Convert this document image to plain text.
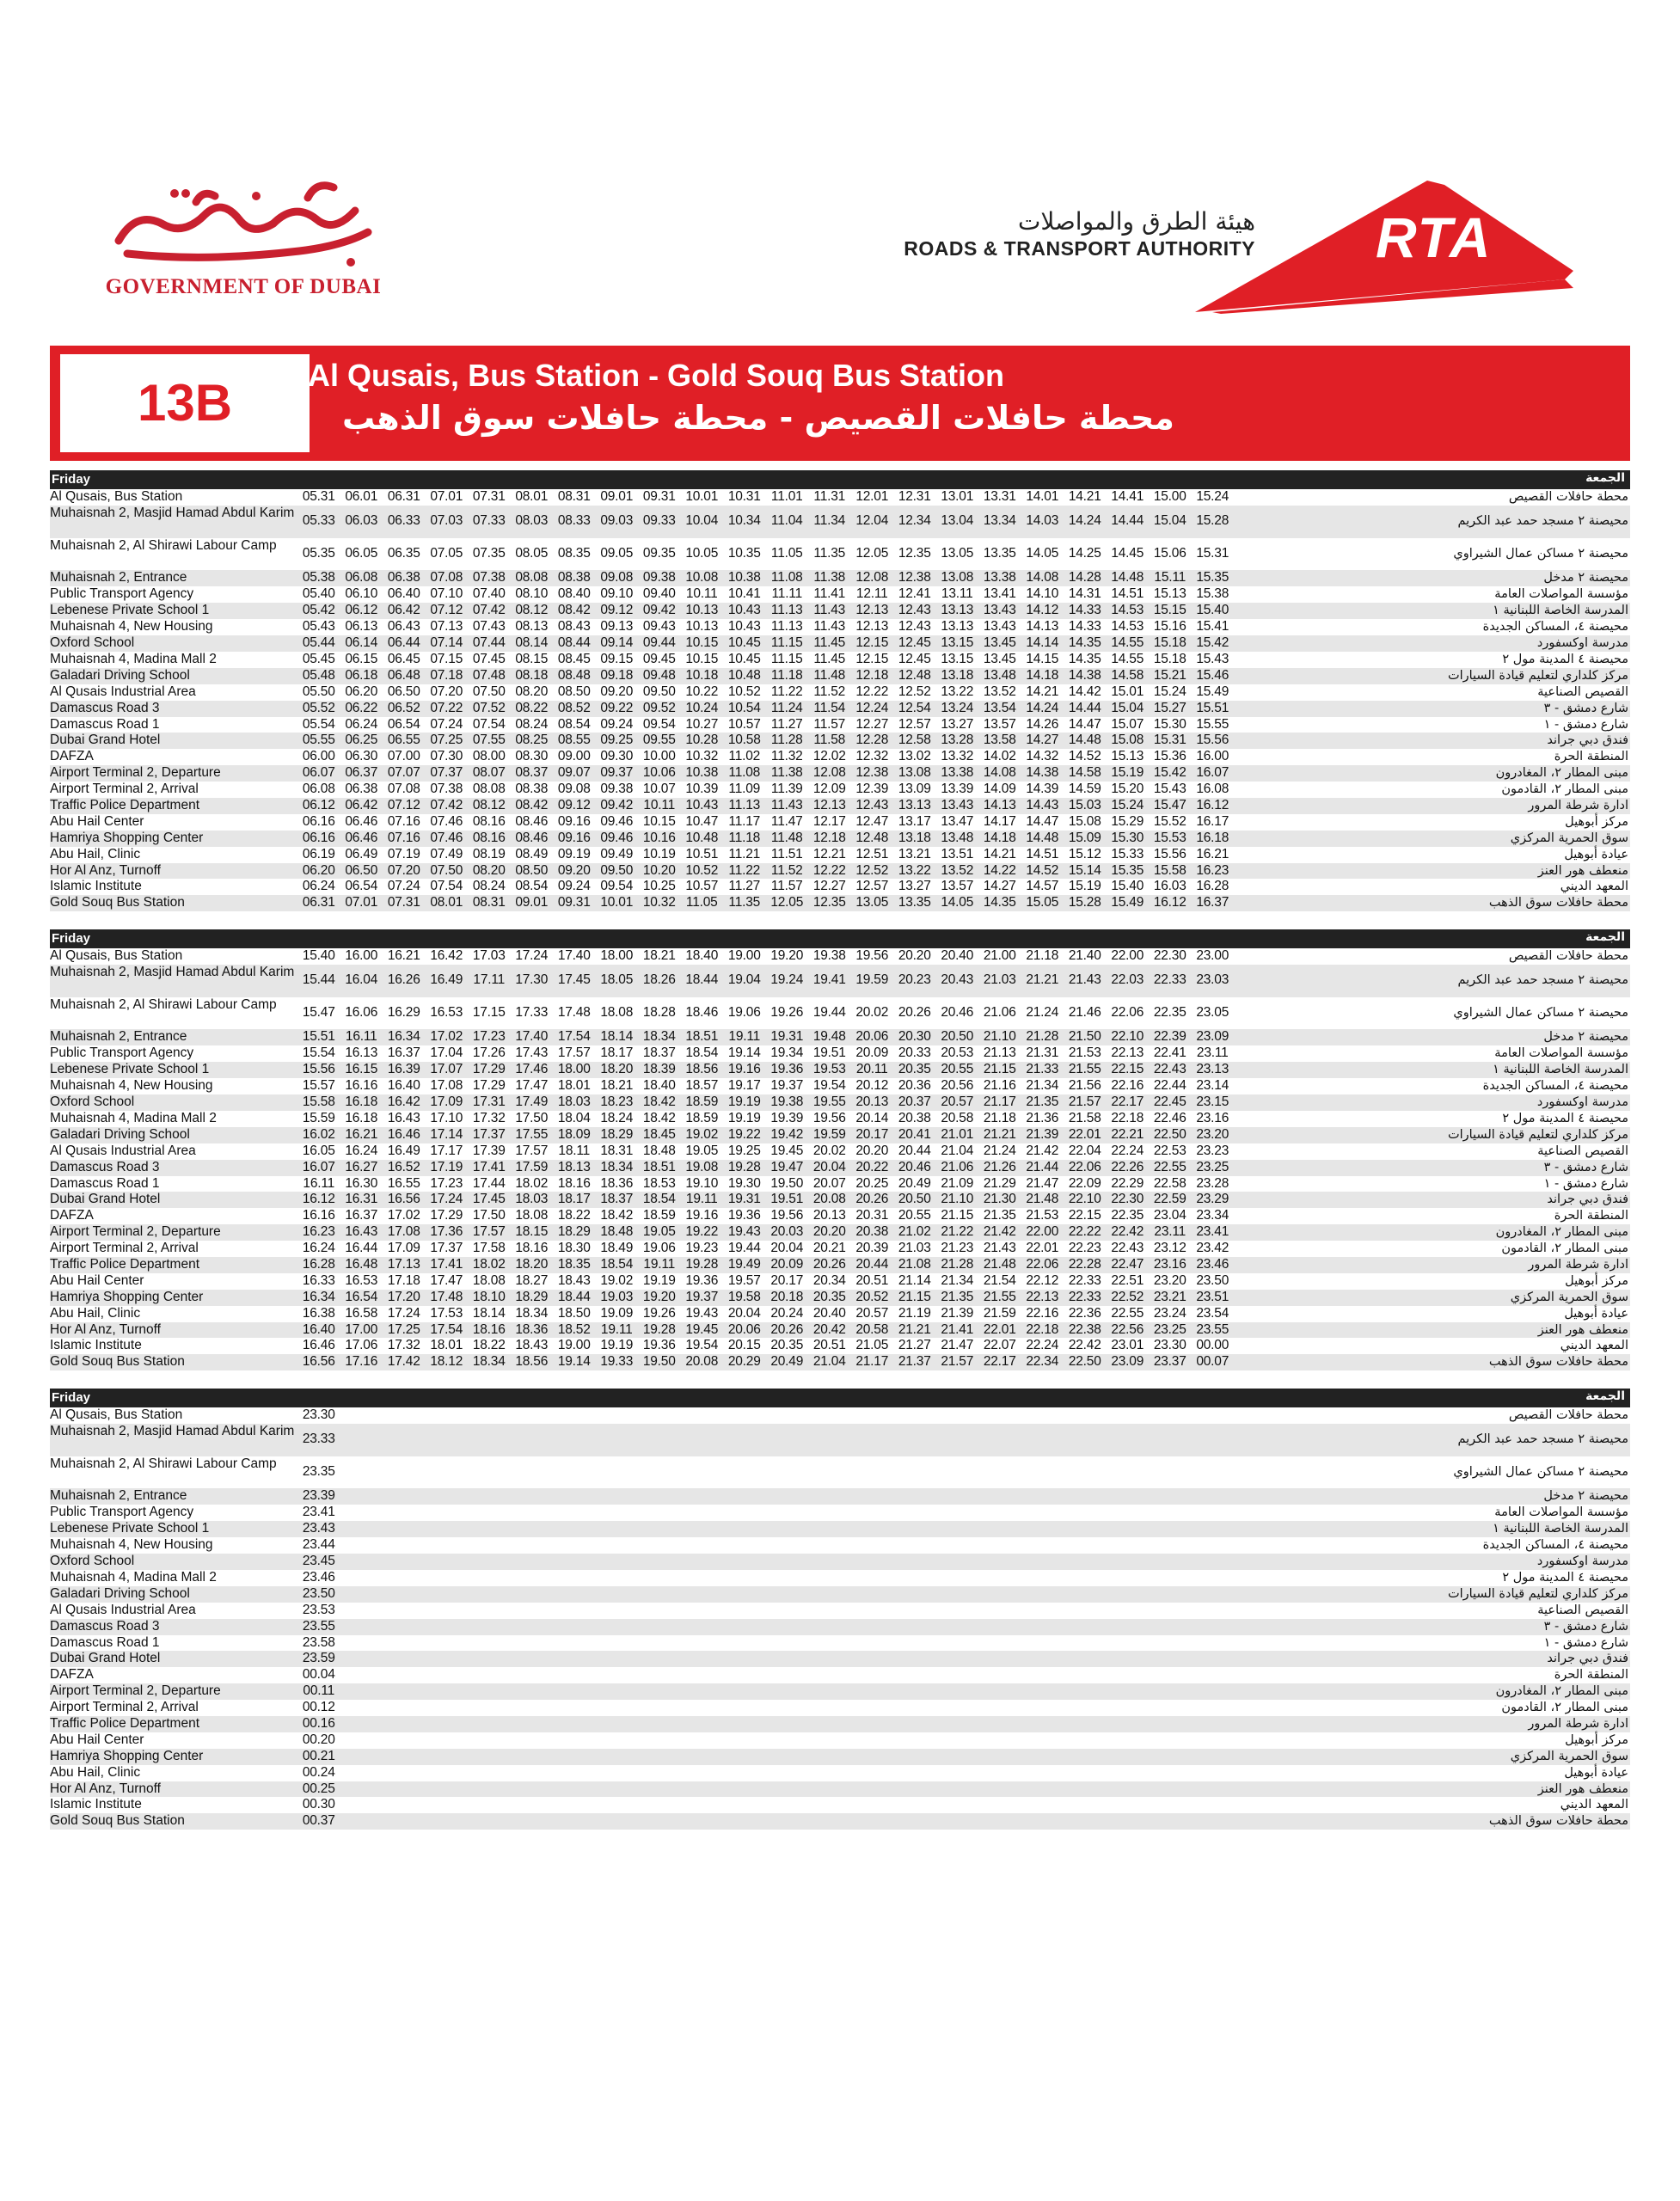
GOVERNMENT OF DUBAI
هيئة الطرق والمواصلات
ROADS & TRANSPORT AUTHORITY RTA
13B	Al Qusais, Bus Station - Gold Souq Bus Station
محطة حافلات القصيص - محطة حافلات سوق الذهب
Friday	الجمعة
Al Qusais, Bus Station	05.31 06.01 06.31 07.01 07.31 08.01 08.31 09.01 09.31 10.01 10.31 11.01 11.31 12.01 12.31 13.01 13.31 14.01 14.21 14.41 15.00 15.24	محطة حافلات القصيص
Muhaisnah 2, Masjid Hamad Abdul Karim
05.33 06.03 06.33 07.03 07.33 08.03 08.33 09.03 09.33 10.04 10.34 11.04 11.34 12.04 12.34 13.04 13.34 14.03 14.24 14.44 15.04 15.28	محيصنة ٢ مسجد حمد عبد الكريم
Muhaisnah 2, Al Shirawi Labour Camp
05.35 06.05 06.35 07.05 07.35 08.05 08.35 09.05 09.35 10.05 10.35 11.05 11.35 12.05 12.35 13.05 13.35 14.05 14.25 14.45 15.06 15.31	محيصنة ٢ مساكن عمال الشيراوي
Muhaisnah 2, Entrance	05.38 06.08 06.38 07.08 07.38 08.08 08.38 09.08 09.38 10.08 10.38 11.08 11.38 12.08 12.38 13.08 13.38 14.08 14.28 14.48 15.11 15.35	محيصنة ٢ مدخل
Public Transport Agency	05.40 06.10 06.40 07.10 07.40 08.10 08.40 09.10 09.40 10.11 10.41 11.11 11.41 12.11 12.41 13.11 13.41 14.10 14.31 14.51 15.13 15.38	مؤسسة المواصلات العامة
Lebenese Private School 1	05.42 06.12 06.42 07.12 07.42 08.12 08.42 09.12 09.42 10.13 10.43 11.13 11.43 12.13 12.43 13.13 13.43 14.12 14.33 14.53 15.15 15.40	المدرسة الخاصة اللبنانية ١
Muhaisnah 4, New Housing	05.43 06.13 06.43 07.13 07.43 08.13 08.43 09.13 09.43 10.13 10.43 11.13 11.43 12.13 12.43 13.13 13.43 14.13 14.33 14.53 15.16 15.41	محيصنة ٤، المساكن الجديدة
Oxford School	05.44 06.14 06.44 07.14 07.44 08.14 08.44 09.14 09.44 10.15 10.45 11.15 11.45 12.15 12.45 13.15 13.45 14.14 14.35 14.55 15.18 15.42	مدرسة اوكسفورد
Muhaisnah 4, Madina Mall 2	05.45 06.15 06.45 07.15 07.45 08.15 08.45 09.15 09.45 10.15 10.45 11.15 11.45 12.15 12.45 13.15 13.45 14.15 14.35 14.55 15.18 15.43	محيصنة ٤ المدينة مول ٢
Galadari Driving School	05.48 06.18 06.48 07.18 07.48 08.18 08.48 09.18 09.48 10.18 10.48 11.18 11.48 12.18 12.48 13.18 13.48 14.18 14.38 14.58 15.21 15.46	مركز كلداري لتعليم قيادة السيارات
Al Qusais Industrial Area	05.50 06.20 06.50 07.20 07.50 08.20 08.50 09.20 09.50 10.22 10.52 11.22 11.52 12.22 12.52 13.22 13.52 14.21 14.42 15.01 15.24 15.49	القصيص الصناعية
Damascus Road 3	05.52 06.22 06.52 07.22 07.52 08.22 08.52 09.22 09.52 10.24 10.54 11.24 11.54 12.24 12.54 13.24 13.54 14.24 14.44 15.04 15.27 15.51	شارع دمشق - ٣
Damascus Road 1	05.54 06.24 06.54 07.24 07.54 08.24 08.54 09.24 09.54 10.27 10.57 11.27 11.57 12.27 12.57 13.27 13.57 14.26 14.47 15.07 15.30 15.55	شارع دمشق - ١
Dubai Grand Hotel	05.55 06.25 06.55 07.25 07.55 08.25 08.55 09.25 09.55 10.28 10.58 11.28 11.58 12.28 12.58 13.28 13.58 14.27 14.48 15.08 15.31 15.56	فندق دبي جراند
DAFZA	06.00 06.30 07.00 07.30 08.00 08.30 09.00 09.30 10.00 10.32 11.02 11.32 12.02 12.32 13.02 13.32 14.02 14.32 14.52 15.13 15.36 16.00	المنطقة الحرة
Airport Terminal 2, Departure	06.07 06.37 07.07 07.37 08.07 08.37 09.07 09.37 10.06 10.38 11.08 11.38 12.08 12.38 13.08 13.38 14.08 14.38 14.58 15.19 15.42 16.07	مبنى المطار ٢، المغادرون
Airport Terminal 2, Arrival	06.08 06.38 07.08 07.38 08.08 08.38 09.08 09.38 10.07 10.39 11.09 11.39 12.09 12.39 13.09 13.39 14.09 14.39 14.59 15.20 15.43 16.08	مبنى المطار ٢، القادمون
Traffic Police Department	06.12 06.42 07.12 07.42 08.12 08.42 09.12 09.42 10.11 10.43 11.13 11.43 12.13 12.43 13.13 13.43 14.13 14.43 15.03 15.24 15.47 16.12	ادارة شرطة المرور
Abu Hail Center	06.16 06.46 07.16 07.46 08.16 08.46 09.16 09.46 10.15 10.47 11.17 11.47 12.17 12.47 13.17 13.47 14.17 14.47 15.08 15.29 15.52 16.17	مركز أبوهيل
Hamriya Shopping Center	06.16 06.46 07.16 07.46 08.16 08.46 09.16 09.46 10.16 10.48 11.18 11.48 12.18 12.48 13.18 13.48 14.18 14.48 15.09 15.30 15.53 16.18	سوق الحمرية المركزي
Abu Hail, Clinic	06.19 06.49 07.19 07.49 08.19 08.49 09.19 09.49 10.19 10.51 11.21 11.51 12.21 12.51 13.21 13.51 14.21 14.51 15.12 15.33 15.56 16.21	عيادة أبوهيل
Hor Al Anz, Turnoff	06.20 06.50 07.20 07.50 08.20 08.50 09.20 09.50 10.20 10.52 11.22 11.52 12.22 12.52 13.22 13.52 14.22 14.52 15.14 15.35 15.58 16.23	منعطف هور العنز
Islamic Institute	06.24 06.54 07.24 07.54 08.24 08.54 09.24 09.54 10.25 10.57 11.27 11.57 12.27 12.57 13.27 13.57 14.27 14.57 15.19 15.40 16.03 16.28	المعهد الديني
Gold Souq Bus Station	06.31 07.01 07.31 08.01 08.31 09.01 09.31 10.01 10.32 11.05 11.35 12.05 12.35 13.05 13.35 14.05 14.35 15.05 15.28 15.49 16.12 16.37	محطة حافلات سوق الذهب
Friday	الجمعة
Al Qusais, Bus Station	15.40 16.00 16.21 16.42 17.03 17.24 17.40 18.00 18.21 18.40 19.00 19.20 19.38 19.56 20.20 20.40 21.00 21.18 21.40 22.00 22.30 23.00	محطة حافلات القصيص
Muhaisnah 2, Masjid Hamad Abdul Karim
15.44 16.04 16.26 16.49 17.11 17.30 17.45 18.05 18.26 18.44 19.04 19.24 19.41 19.59 20.23 20.43 21.03 21.21 21.43 22.03 22.33 23.03	محيصنة ٢ مسجد حمد عبد الكريم
Muhaisnah 2, Al Shirawi Labour Camp
15.47 16.06 16.29 16.53 17.15 17.33 17.48 18.08 18.28 18.46 19.06 19.26 19.44 20.02 20.26 20.46 21.06 21.24 21.46 22.06 22.35 23.05	محيصنة ٢ مساكن عمال الشيراوي
Muhaisnah 2, Entrance	15.51 16.11 16.34 17.02 17.23 17.40 17.54 18.14 18.34 18.51 19.11 19.31 19.48 20.06 20.30 20.50 21.10 21.28 21.50 22.10 22.39 23.09	محيصنة ٢ مدخل
Public Transport Agency	15.54 16.13 16.37 17.04 17.26 17.43 17.57 18.17 18.37 18.54 19.14 19.34 19.51 20.09 20.33 20.53 21.13 21.31 21.53 22.13 22.41 23.11	مؤسسة المواصلات العامة
Lebenese Private School 1	15.56 16.15 16.39 17.07 17.29 17.46 18.00 18.20 18.39 18.56 19.16 19.36 19.53 20.11 20.35 20.55 21.15 21.33 21.55 22.15 22.43 23.13	المدرسة الخاصة اللبنانية ١
Muhaisnah 4, New Housing	15.57 16.16 16.40 17.08 17.29 17.47 18.01 18.21 18.40 18.57 19.17 19.37 19.54 20.12 20.36 20.56 21.16 21.34 21.56 22.16 22.44 23.14	محيصنة ٤، المساكن الجديدة
Oxford School	15.58 16.18 16.42 17.09 17.31 17.49 18.03 18.23 18.42 18.59 19.19 19.38 19.55 20.13 20.37 20.57 21.17 21.35 21.57 22.17 22.45 23.15	مدرسة اوكسفورد
Muhaisnah 4, Madina Mall 2	15.59 16.18 16.43 17.10 17.32 17.50 18.04 18.24 18.42 18.59 19.19 19.39 19.56 20.14 20.38 20.58 21.18 21.36 21.58 22.18 22.46 23.16	محيصنة ٤ المدينة مول ٢
Galadari Driving School	16.02 16.21 16.46 17.14 17.37 17.55 18.09 18.29 18.45 19.02 19.22 19.42 19.59 20.17 20.41 21.01 21.21 21.39 22.01 22.21 22.50 23.20	مركز كلداري لتعليم قيادة السيارات
Al Qusais Industrial Area	16.05 16.24 16.49 17.17 17.39 17.57 18.11 18.31 18.48 19.05 19.25 19.45 20.02 20.20 20.44 21.04 21.24 21.42 22.04 22.24 22.53 23.23	القصيص الصناعية
Damascus Road 3	16.07 16.27 16.52 17.19 17.41 17.59 18.13 18.34 18.51 19.08 19.28 19.47 20.04 20.22 20.46 21.06 21.26 21.44 22.06 22.26 22.55 23.25	شارع دمشق - ٣
Damascus Road 1	16.11 16.30 16.55 17.23 17.44 18.02 18.16 18.36 18.53 19.10 19.30 19.50 20.07 20.25 20.49 21.09 21.29 21.47 22.09 22.29 22.58 23.28	شارع دمشق - ١
Dubai Grand Hotel	16.12 16.31 16.56 17.24 17.45 18.03 18.17 18.37 18.54 19.11 19.31 19.51 20.08 20.26 20.50 21.10 21.30 21.48 22.10 22.30 22.59 23.29	فندق دبي جراند
DAFZA	16.16 16.37 17.02 17.29 17.50 18.08 18.22 18.42 18.59 19.16 19.36 19.56 20.13 20.31 20.55 21.15 21.35 21.53 22.15 22.35 23.04 23.34	المنطقة الحرة
Airport Terminal 2, Departure	16.23 16.43 17.08 17.36 17.57 18.15 18.29 18.48 19.05 19.22 19.43 20.03 20.20 20.38 21.02 21.22 21.42 22.00 22.22 22.42 23.11 23.41	مبنى المطار ٢، المغادرون
Airport Terminal 2, Arrival	16.24 16.44 17.09 17.37 17.58 18.16 18.30 18.49 19.06 19.23 19.44 20.04 20.21 20.39 21.03 21.23 21.43 22.01 22.23 22.43 23.12 23.42	مبنى المطار ٢، القادمون
Traffic Police Department	16.28 16.48 17.13 17.41 18.02 18.20 18.35 18.54 19.11 19.28 19.49 20.09 20.26 20.44 21.08 21.28 21.48 22.06 22.28 22.47 23.16 23.46	ادارة شرطة المرور
Abu Hail Center	16.33 16.53 17.18 17.47 18.08 18.27 18.43 19.02 19.19 19.36 19.57 20.17 20.34 20.51 21.14 21.34 21.54 22.12 22.33 22.51 23.20 23.50	مركز أبوهيل
Hamriya Shopping Center	16.34 16.54 17.20 17.48 18.10 18.29 18.44 19.03 19.20 19.37 19.58 20.18 20.35 20.52 21.15 21.35 21.55 22.13 22.33 22.52 23.21 23.51	سوق الحمرية المركزي
Abu Hail, Clinic	16.38 16.58 17.24 17.53 18.14 18.34 18.50 19.09 19.26 19.43 20.04 20.24 20.40 20.57 21.19 21.39 21.59 22.16 22.36 22.55 23.24 23.54	عيادة أبوهيل
Hor Al Anz, Turnoff	16.40 17.00 17.25 17.54 18.16 18.36 18.52 19.11 19.28 19.45 20.06 20.26 20.42 20.58 21.21 21.41 22.01 22.18 22.38 22.56 23.25 23.55	منعطف هور العنز
Islamic Institute	16.46 17.06 17.32 18.01 18.22 18.43 19.00 19.19 19.36 19.54 20.15 20.35 20.51 21.05 21.27 21.47 22.07 22.24 22.42 23.01 23.30 00.00	المعهد الديني
Gold Souq Bus Station	16.56 17.16 17.42 18.12 18.34 18.56 19.14 19.33 19.50 20.08 20.29 20.49 21.04 21.17 21.37 21.57 22.17 22.34 22.50 23.09 23.37 00.07	محطة حافلات سوق الذهب
Friday	الجمعة
Al Qusais, Bus Station	23.30	محطة حافلات القصيص
Muhaisnah 2, Masjid Hamad Abdul Karim
23.33	محيصنة ٢ مسجد حمد عبد الكريم
Muhaisnah 2, Al Shirawi Labour Camp
23.35	محيصنة ٢ مساكن عمال الشيراوي
Muhaisnah 2, Entrance	23.39	محيصنة ٢ مدخل
Public Transport Agency	23.41	مؤسسة المواصلات العامة
Lebenese Private School 1	23.43	المدرسة الخاصة اللبنانية ١
Muhaisnah 4, New Housing	23.44	محيصنة ٤، المساكن الجديدة
Oxford School	23.45	مدرسة اوكسفورد
Muhaisnah 4, Madina Mall 2	23.46	محيصنة ٤ المدينة مول ٢
Galadari Driving School	23.50	مركز كلداري لتعليم قيادة السيارات
Al Qusais Industrial Area	23.53	القصيص الصناعية
Damascus Road 3	23.55	شارع دمشق - ٣
Damascus Road 1	23.58	شارع دمشق - ١
Dubai Grand Hotel	23.59	فندق دبي جراند
DAFZA	00.04	المنطقة الحرة
Airport Terminal 2, Departure	00.11	مبنى المطار ٢، المغادرون
Airport Terminal 2, Arrival	00.12	مبنى المطار ٢، القادمون
Traffic Police Department	00.16	ادارة شرطة المرور
Abu Hail Center	00.20	مركز أبوهيل
Hamriya Shopping Center	00.21	سوق الحمرية المركزي
Abu Hail, Clinic	00.24	عيادة أبوهيل
Hor Al Anz, Turnoff	00.25	منعطف هور العنز
Islamic Institute	00.30	المعهد الديني
Gold Souq Bus Station	00.37	محطة حافلات سوق الذهب
